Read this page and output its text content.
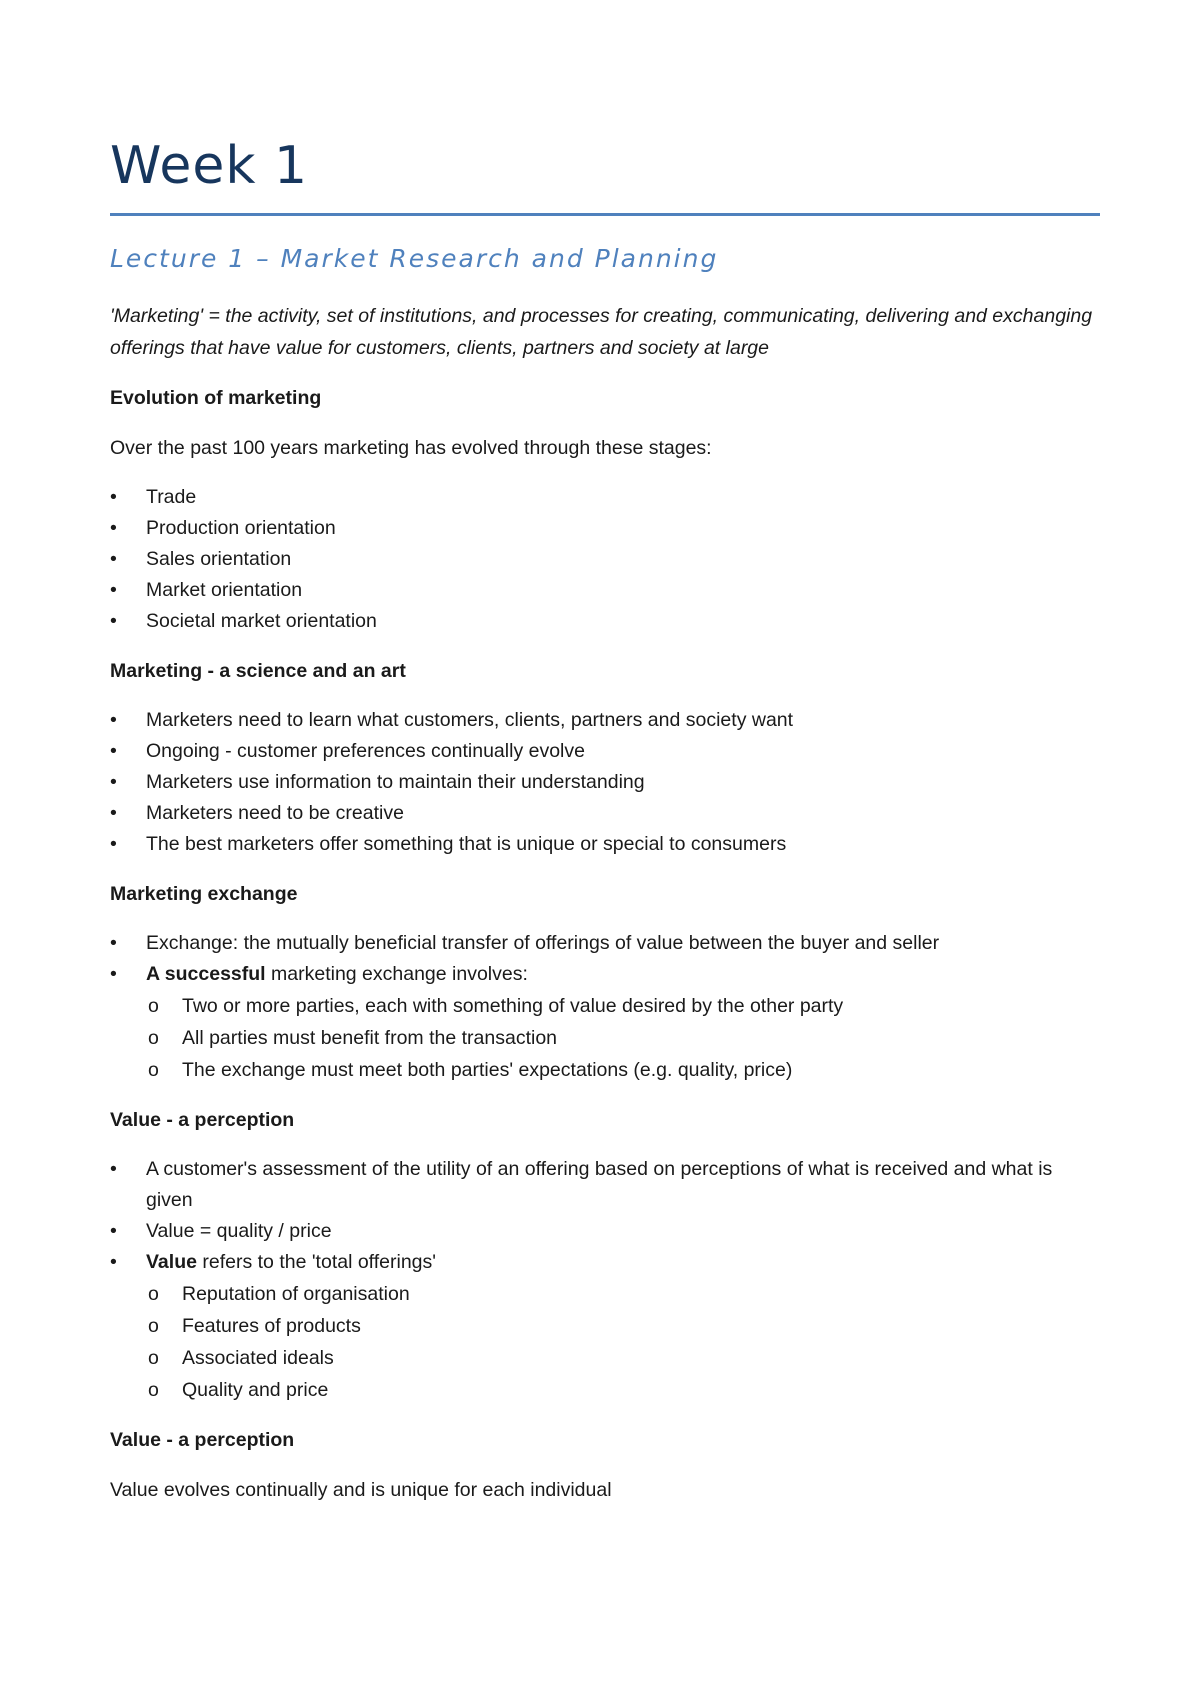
Week 1
Lecture 1 – Market Research and Planning

'Marketing' = the activity, set of institutions, and processes for creating, communicating, delivering and exchanging offerings that have value for customers, clients, partners and society at large

Evolution of marketing

Over the past 100 years marketing has evolved through these stages:

•	Trade
•	Production orientation
•	Sales orientation
•	Market orientation
•	Societal market orientation

Marketing - a science and an art

•	Marketers need to learn what customers, clients, partners and society want
•	Ongoing - customer preferences continually evolve
•	Marketers use information to maintain their understanding
•	Marketers need to be creative
•	The best marketers offer something that is unique or special to consumers

Marketing exchange

•	Exchange: the mutually beneficial transfer of offerings of value between the buyer and seller
•	A successful marketing exchange involves:
o Two or more parties, each with something of value desired by the other party
o All parties must benefit from the transaction
o The exchange must meet both parties' expectations (e.g. quality, price)

Value - a perception

•	A customer's assessment of the utility of an offering based on perceptions of what is received and what is given
•	Value = quality / price
•	Value refers to the 'total offerings'
o Reputation of organisation
o Features of products
o Associated ideals
o Quality and price

Value - a perception

Value evolves continually and is unique for each individual
